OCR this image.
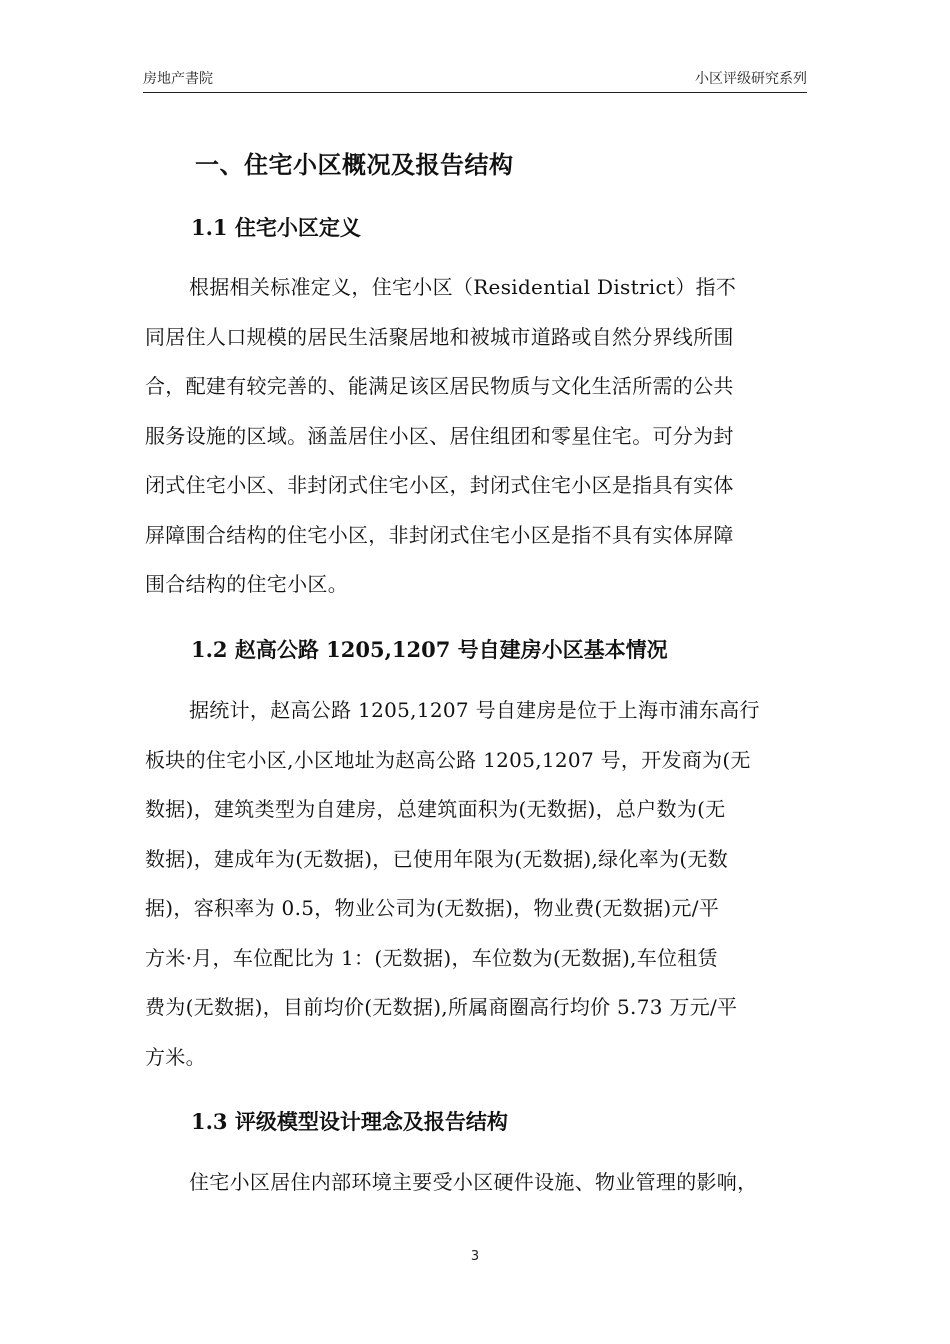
房地产書院	小区评级研究系列
一、住宅小区概况及报告结构
1.1 住宅小区定义
根据相关标准定义，住宅小区（Residential District）指不
同居住人口规模的居民生活聚居地和被城市道路或自然分界线所围
合，配建有较完善的、能满足该区居民物质与文化生活所需的公共
服务设施的区域。涵盖居住小区、居住组团和零星住宅。可分为封
闭式住宅小区、非封闭式住宅小区，封闭式住宅小区是指具有实体
屏障围合结构的住宅小区，非封闭式住宅小区是指不具有实体屏障
围合结构的住宅小区。
1.2 赵高公路 1205,1207 号自建房小区基本情况
据统计，赵高公路 1205,1207 号自建房是位于上海市浦东高行
板块的住宅小区,小区地址为赵高公路 1205,1207 号，开发商为(无
数据)，建筑类型为自建房，总建筑面积为(无数据)，总户数为(无
数据)，建成年为(无数据)，已使用年限为(无数据),绿化率为(无数
据)，容积率为 0.5，物业公司为(无数据)，物业费(无数据)元/平
方米·月，车位配比为 1：(无数据)，车位数为(无数据),车位租赁
费为(无数据)，目前均价(无数据),所属商圈高行均价 5.73 万元/平
方米。
1.3 评级模型设计理念及报告结构
住宅小区居住内部环境主要受小区硬件设施、物业管理的影响，
3
